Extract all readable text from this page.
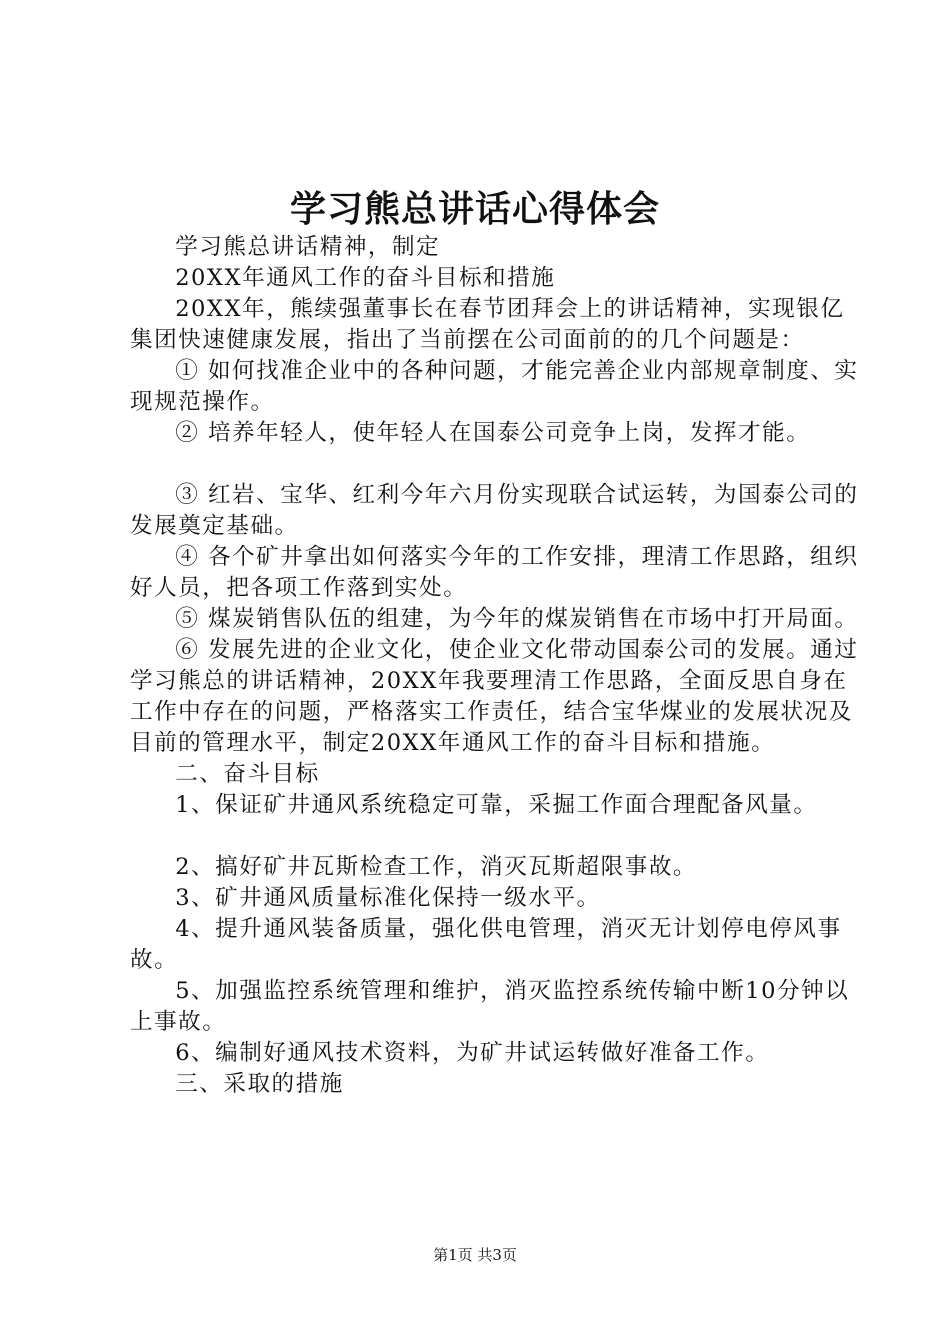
学习熊总讲话心得体会

学习熊总讲话精神，制定

20XX年通风工作的奋斗目标和措施

20XX年，熊续强董事长在春节团拜会上的讲话精神，实现银亿集团快速健康发展，指出了当前摆在公司面前的的几个问题是：

① 如何找准企业中的各种问题，才能完善企业内部规章制度、实现规范操作。

② 培养年轻人，使年轻人在国泰公司竞争上岗，发挥才能。

③ 红岩、宝华、红利今年六月份实现联合试运转，为国泰公司的发展奠定基础。

④ 各个矿井拿出如何落实今年的工作安排，理清工作思路，组织好人员，把各项工作落到实处。

⑤ 煤炭销售队伍的组建，为今年的煤炭销售在市场中打开局面。

⑥ 发展先进的企业文化，使企业文化带动国泰公司的发展。通过学习熊总的讲话精神，20XX年我要理清工作思路，全面反思自身在工作中存在的问题，严格落实工作责任，结合宝华煤业的发展状况及目前的管理水平，制定20XX年通风工作的奋斗目标和措施。

二、奋斗目标

1、保证矿井通风系统稳定可靠，采掘工作面合理配备风量。

2、搞好矿井瓦斯检查工作，消灭瓦斯超限事故。

3、矿井通风质量标准化保持一级水平。

4、提升通风装备质量，强化供电管理，消灭无计划停电停风事故。

5、加强监控系统管理和维护，消灭监控系统传输中断10分钟以上事故。

6、编制好通风技术资料，为矿井试运转做好准备工作。

三、采取的措施

第1页 共3页
